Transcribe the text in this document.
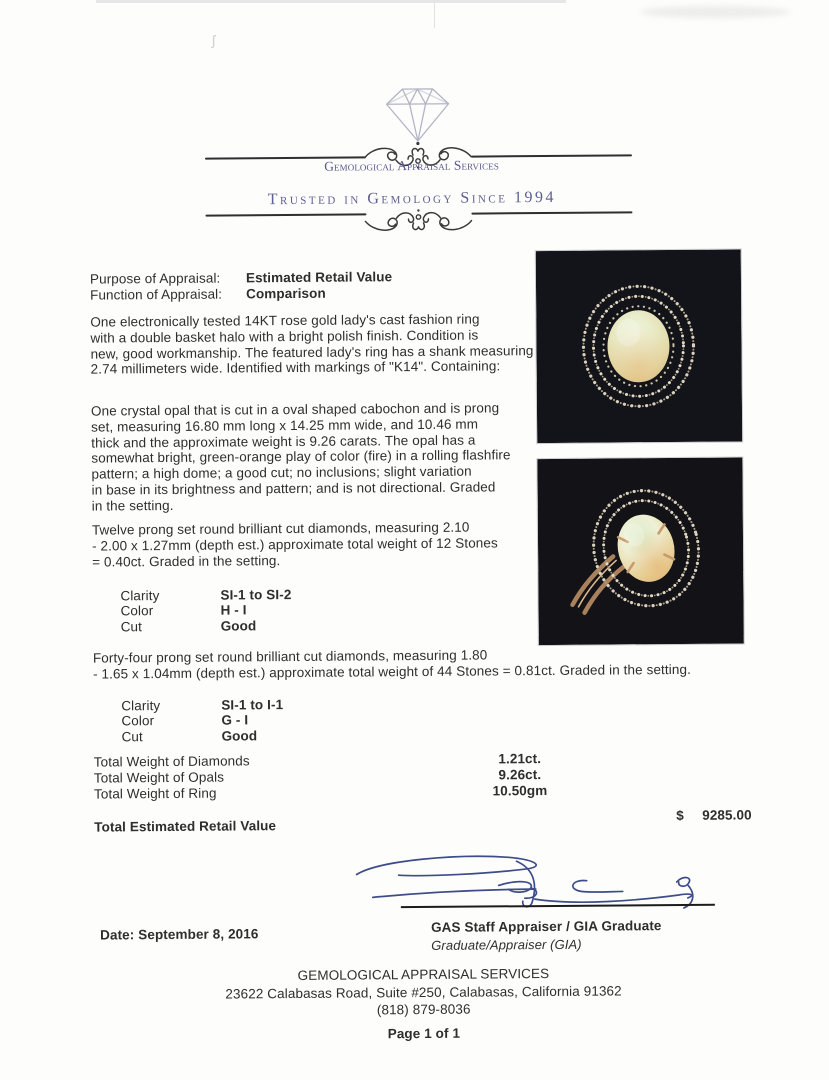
ʃ
Gemological Appraisal Services
Trusted in Gemology Since 1994
Purpose of Appraisal:	Estimated Retail Value
Function of Appraisal:	Comparison
One electronically tested 14KT rose gold lady's cast fashion ring
with a double basket halo with a bright polish finish. Condition is
new, good workmanship. The featured lady's ring has a shank measuring
2.74 millimeters wide. Identified with markings of "K14". Containing:
One crystal opal that is cut in a oval shaped cabochon and is prong
set, measuring 16.80 mm long x 14.25 mm wide, and 10.46 mm
thick and the approximate weight is 9.26 carats. The opal has a
somewhat bright, green-orange play of color (fire) in a rolling flashfire
pattern; a high dome; a good cut; no inclusions; slight variation
in base in its brightness and pattern; and is not directional. Graded
in the setting.
Twelve prong set round brilliant cut diamonds, measuring 2.10
- 2.00 x 1.27mm (depth est.) approximate total weight of 12 Stones
= 0.40ct. Graded in the setting.
Clarity	SI-1 to SI-2
Color	H - I
Cut	Good
Forty-four prong set round brilliant cut diamonds, measuring 1.80
- 1.65 x 1.04mm (depth est.) approximate total weight of 44 Stones = 0.81ct. Graded in the setting.
Clarity	SI-1 to I-1
Color	G - I
Cut	Good
Total Weight of Diamonds	1.21ct.
Total Weight of Opals	9.26ct.
Total Weight of Ring	10.50gm
Total Estimated Retail Value
$ 9285.00
GAS Staff Appraiser / GIA Graduate
Graduate/Appraiser (GIA)
Date: September 8, 2016
GEMOLOGICAL APPRAISAL SERVICES
23622 Calabasas Road, Suite #250, Calabasas, California 91362
(818) 879-8036
Page 1 of 1
